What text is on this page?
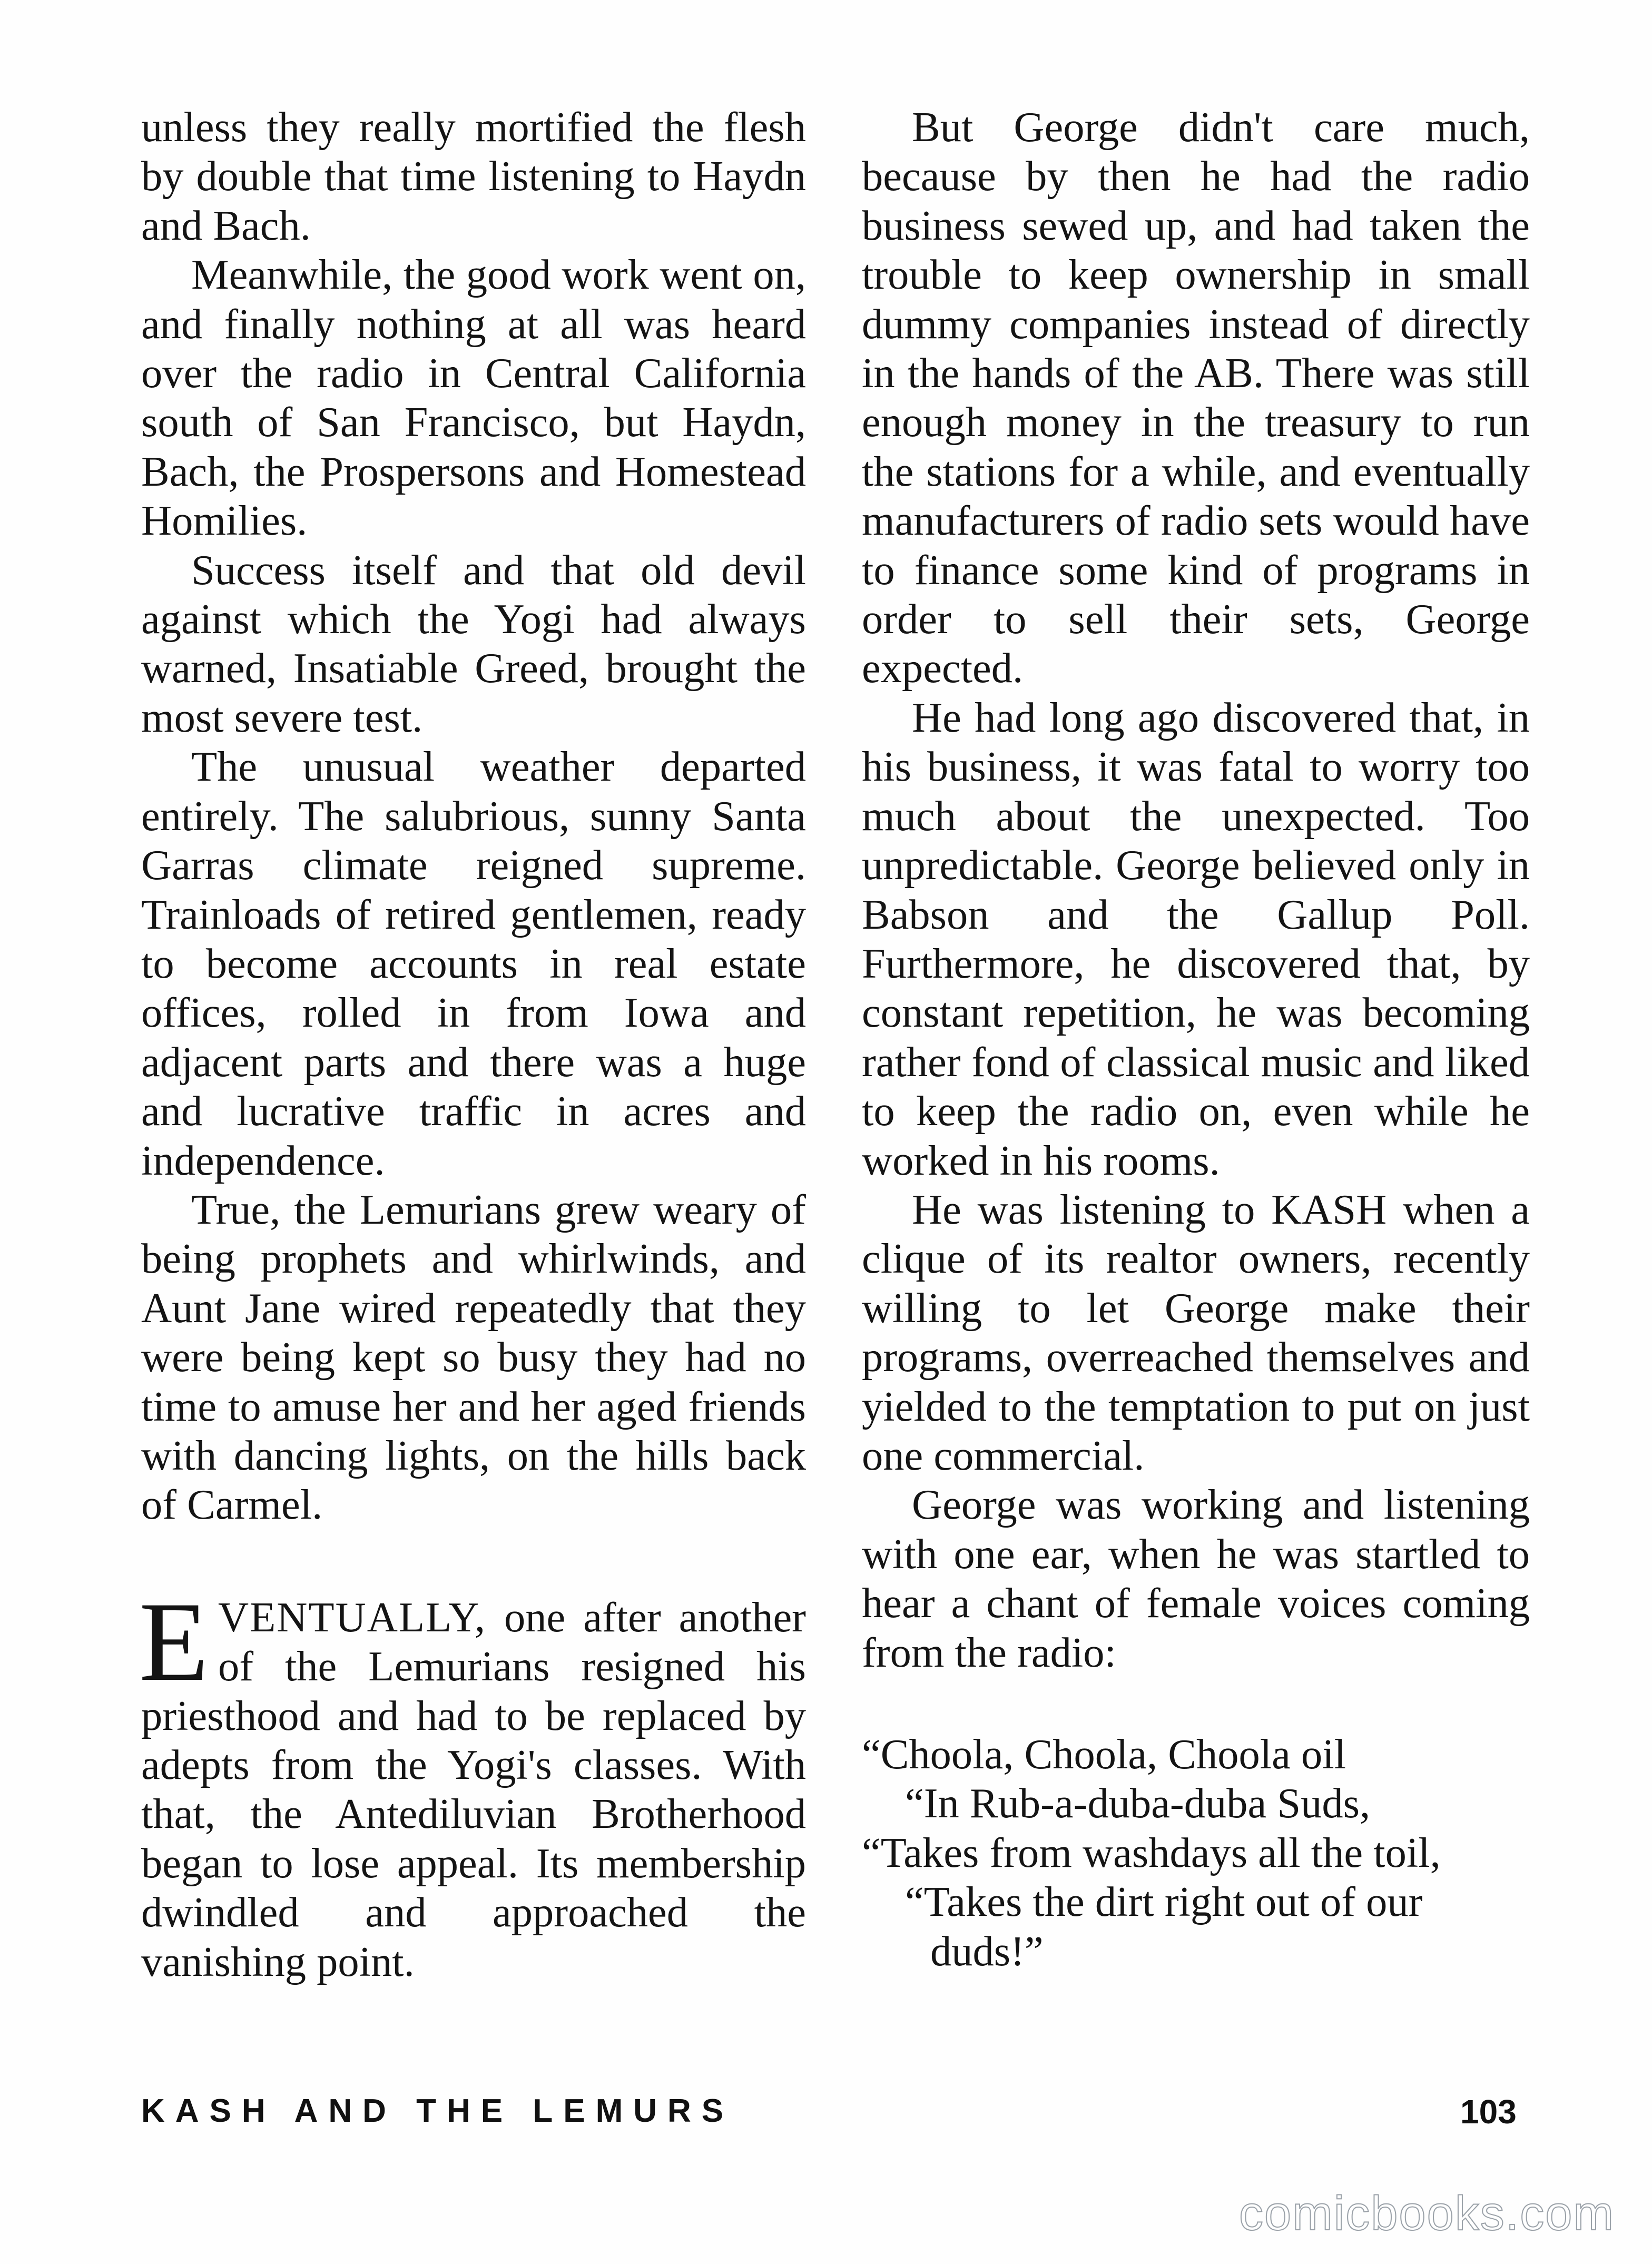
unless they really mortified the flesh by double that time listening to Haydn and Bach.

Meanwhile, the good work went on, and finally nothing at all was heard over the radio in Central California south of San Francisco, but Haydn, Bach, the Prospersons and Homestead Homilies.

Success itself and that old devil against which the Yogi had always warned, Insatiable Greed, brought the most severe test.

The unusual weather departed entirely. The salubrious, sunny Santa Garras climate reigned supreme. Trainloads of retired gentlemen, ready to become accounts in real estate offices, rolled in from Iowa and adjacent parts and there was a huge and lucrative traffic in acres and independence.

True, the Lemurians grew weary of being prophets and whirlwinds, and Aunt Jane wired repeatedly that they were being kept so busy they had no time to amuse her and her aged friends with dancing lights, on the hills back of Carmel.

EVENTUALLY, one after another of the Lemurians resigned his priesthood and had to be replaced by adepts from the Yogi's classes. With that, the Antediluvian Brotherhood began to lose appeal. Its membership dwindled and approached the vanishing point.

But George didn't care much, because by then he had the radio business sewed up, and had taken the trouble to keep ownership in small dummy companies instead of directly in the hands of the AB. There was still enough money in the treasury to run the stations for a while, and eventually manufacturers of radio sets would have to finance some kind of programs in order to sell their sets, George expected.

He had long ago discovered that, in his business, it was fatal to worry too much about the unexpected. Too unpredictable. George believed only in Babson and the Gallup Poll. Furthermore, he discovered that, by constant repetition, he was becoming rather fond of classical music and liked to keep the radio on, even while he worked in his rooms.

He was listening to KASH when a clique of its realtor owners, recently willing to let George make their programs, overreached themselves and yielded to the temptation to put on just one commercial.

George was working and listening with one ear, when he was startled to hear a chant of female voices coming from the radio:

“Choola, Choola, Choola oil
“In Rub-a-duba-duba Suds,
“Takes from washdays all the toil,
“Takes the dirt right out of our
duds!”
KASH AND THE LEMURS	103
comicbooks.com
